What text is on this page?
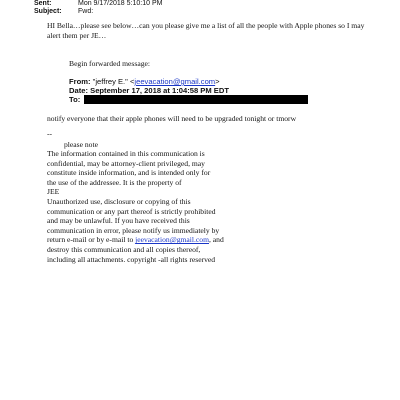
Sent:	Mon 9/17/2018 5:10:10 PM
Subject: Fwd:
HI Bella…please see below…can you please give me a list of all the people with Apple phones so I may alert them per JE…
Begin forwarded message:
From: "jeffrey E." <jeevacation@gmail.com>
Date: September 17, 2018 at 1:04:58 PM EDT
To:
notify everyone that their apple phones will need to be upgraded tonight or tmorw
--
please note
The information contained in this communication is
confidential, may be attorney-client privileged, may
constitute inside information, and is intended only for
the use of the addressee. It is the property of
JEE
Unauthorized use, disclosure or copying of this
communication or any part thereof is strictly prohibited
and may be unlawful. If you have received this
communication in error, please notify us immediately by
return e-mail or by e-mail to jeevacation@gmail.com, and
destroy this communication and all copies thereof,
including all attachments. copyright -all rights reserved
